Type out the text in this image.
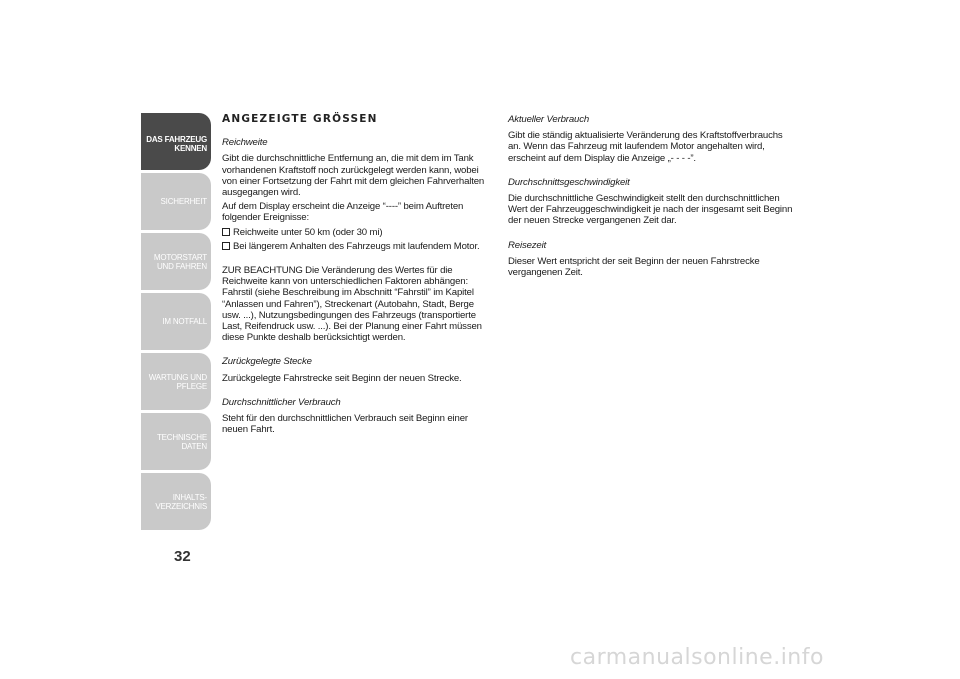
DAS FAHRZEUG KENNEN
SICHERHEIT
MOTORSTART UND FAHREN
IM NOTFALL
WARTUNG UND PFLEGE
TECHNISCHE DATEN
INHALTS-VERZEICHNIS
32
ANGEZEIGTE GRÖSSEN
Reichweite

Gibt die durchschnittliche Entfernung an, die mit dem im Tank vorhandenen Kraftstoff noch zurückgelegt werden kann, wobei von einer Fortsetzung der Fahrt mit dem gleichen Fahrverhalten ausgegangen wird.

Auf dem Display erscheint die Anzeige “----” beim Auftreten folgender Ereignisse:

Reichweite unter 50 km (oder 30 mi)
Bei längerem Anhalten des Fahrzeugs mit laufendem Motor.

ZUR BEACHTUNG Die Veränderung des Wertes für die Reichweite kann von unterschiedlichen Faktoren abhängen: Fahrstil (siehe Beschreibung im Abschnitt “Fahrstil” im Kapitel “Anlassen und Fahren”), Streckenart (Autobahn, Stadt, Berge usw. ...), Nutzungsbedingungen des Fahrzeugs (transportierte Last, Reifendruck usw. ...). Bei der Planung einer Fahrt müssen diese Punkte deshalb berücksichtigt werden.

Zurückgelegte Stecke

Zurückgelegte Fahrstrecke seit Beginn der neuen Strecke.

Durchschnittlicher Verbrauch

Steht für den durchschnittlichen Verbrauch seit Beginn einer neuen Fahrt.

Aktueller Verbrauch

Gibt die ständig aktualisierte Veränderung des Kraftstoffverbrauchs an. Wenn das Fahrzeug mit laufendem Motor angehalten wird, erscheint auf dem Display die Anzeige „- - - -”.

Durchschnittsgeschwindigkeit

Die durchschnittliche Geschwindigkeit stellt den durchschnittlichen Wert der Fahrzeuggeschwindigkeit je nach der insgesamt seit Beginn der neuen Strecke vergangenen Zeit dar.

Reisezeit

Dieser Wert entspricht der seit Beginn der neuen Fahrstrecke vergangenen Zeit.

carmanualsonline.info
